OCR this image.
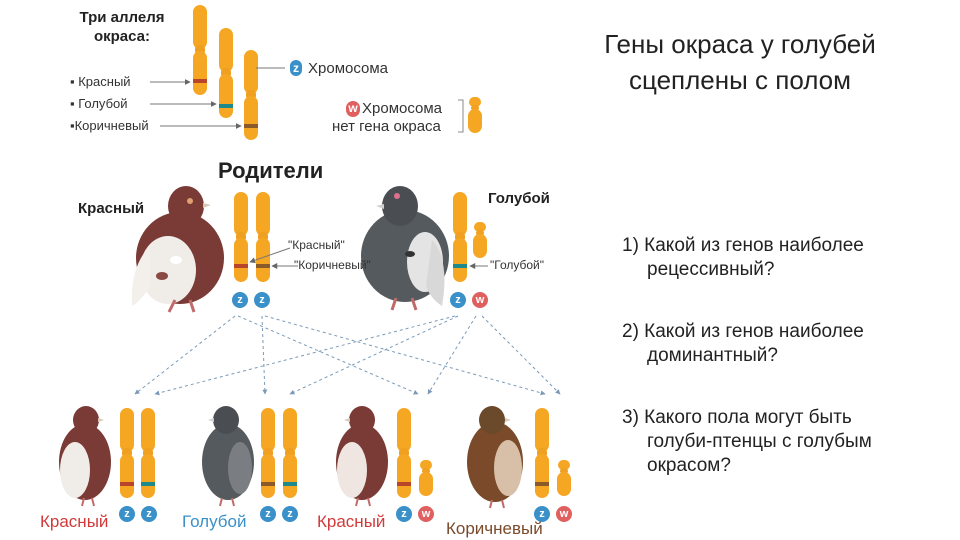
z
w
z z	z w
z z	z z	z w	z w
Три аллеля
окраса:
▪ Красный
▪ Голубой
▪Коричневый
Хромосома
Хромосома
нет гена окраса
Родители
Красный
Голубой
"Красный"
"Коричневый"	"Голубой"
Красный	Голубой	Красный	Коричневый
Гены окраса у голубей
сцеплены с полом
1) Какой из генов наиболее
рецессивный?
2) Какой из генов наиболее
доминантный?
3) Какого пола могут быть
голуби-птенцы с голубым
окрасом?
